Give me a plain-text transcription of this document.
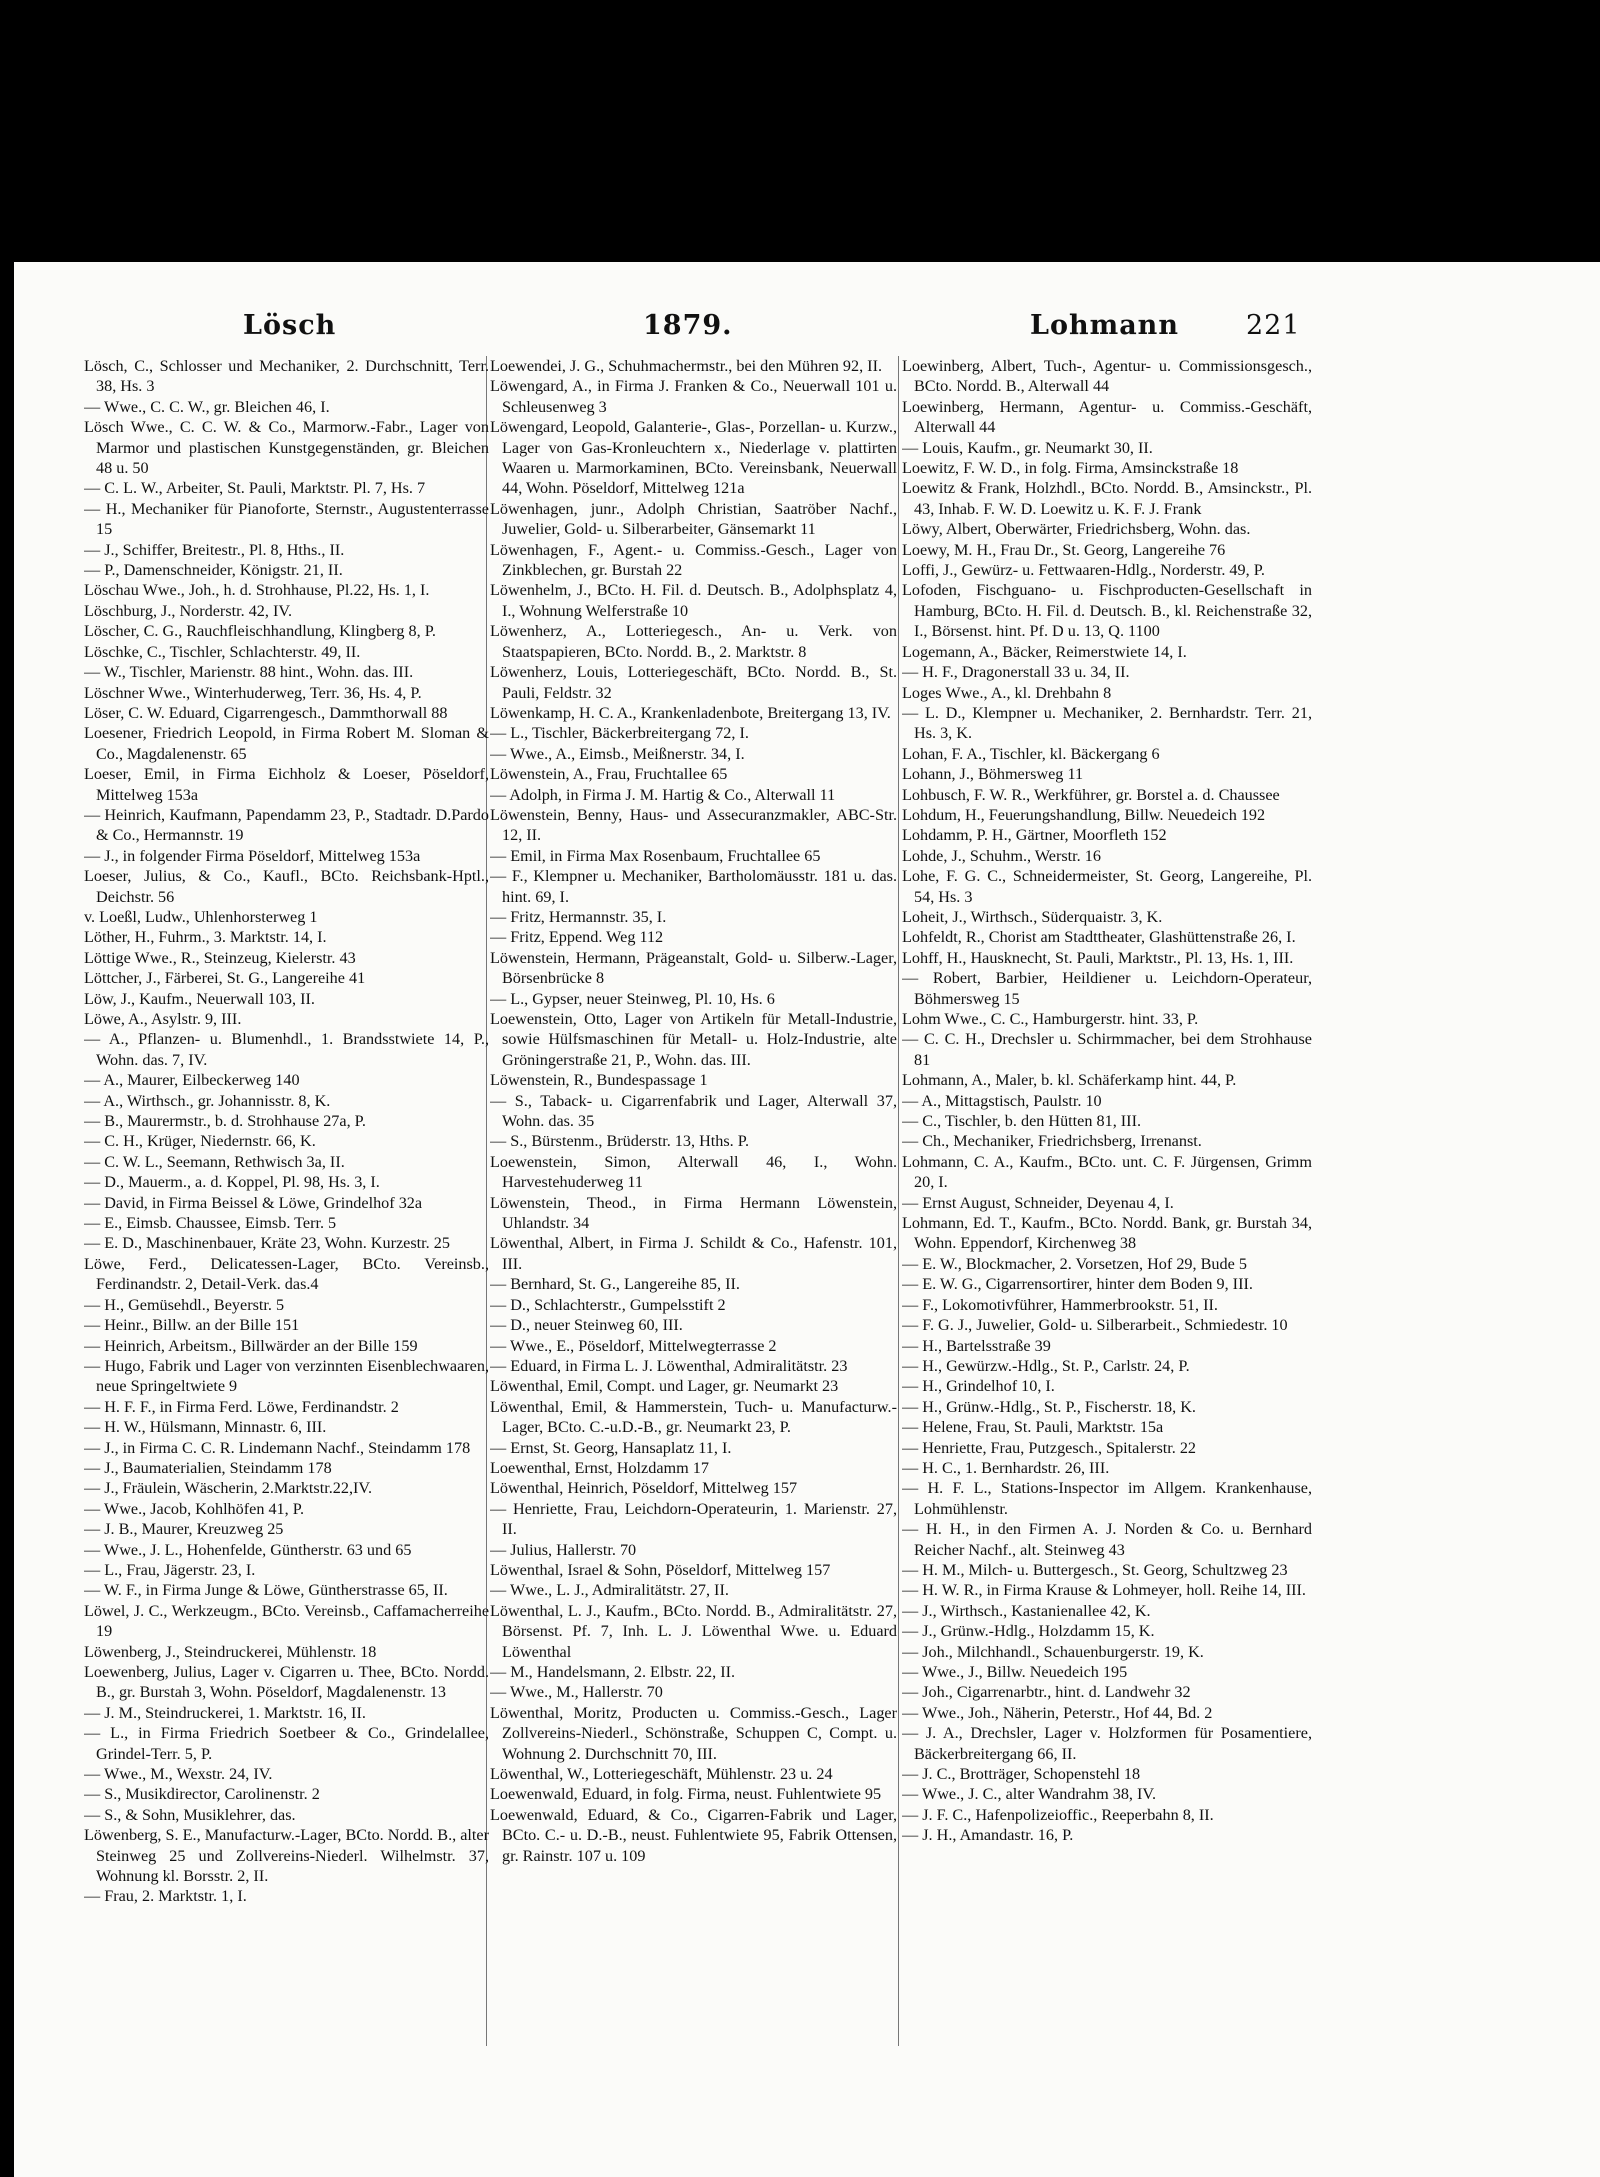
Lösch	1879.	Lohmann 221

Lösch, C., Schlosser und Mechaniker, 2. Durchschnitt, Terr. 38, Hs. 3

— Wwe., C. C. W., gr. Bleichen 46, I.

Lösch Wwe., C. C. W. & Co., Marmorw.-Fabr., Lager von Marmor und plastischen Kunstgegenständen, gr. Bleichen 48 u. 50

— C. L. W., Arbeiter, St. Pauli, Marktstr. Pl. 7, Hs. 7

— H., Mechaniker für Pianoforte, Sternstr., Augustenterrasse 15

— J., Schiffer, Breitestr., Pl. 8, Hths., II.

— P., Damenschneider, Königstr. 21, II.

Löschau Wwe., Joh., h. d. Strohhause, Pl.22, Hs. 1, I.

Löschburg, J., Norderstr. 42, IV.

Löscher, C. G., Rauchfleischhandlung, Klingberg 8, P.

Löschke, C., Tischler, Schlachterstr. 49, II.

— W., Tischler, Marienstr. 88 hint., Wohn. das. III.

Löschner Wwe., Winterhuderweg, Terr. 36, Hs. 4, P.

Löser, C. W. Eduard, Cigarrengesch., Dammthorwall 88

Loesener, Friedrich Leopold, in Firma Robert M. Sloman & Co., Magdalenenstr. 65

Loeser, Emil, in Firma Eichholz & Loeser, Pöseldorf, Mittelweg 153a

— Heinrich, Kaufmann, Papendamm 23, P., Stadtadr. D.Pardo & Co., Hermannstr. 19

— J., in folgender Firma Pöseldorf, Mittelweg 153a

Loeser, Julius, & Co., Kaufl., BCto. Reichsbank-Hptl., Deichstr. 56

v. Loeßl, Ludw., Uhlenhorsterweg 1

Löther, H., Fuhrm., 3. Marktstr. 14, I.

Löttige Wwe., R., Steinzeug, Kielerstr. 43

Löttcher, J., Färberei, St. G., Langereihe 41

Löw, J., Kaufm., Neuerwall 103, II.

Löwe, A., Asylstr. 9, III.

— A., Pflanzen- u. Blumenhdl., 1. Brandsstwiete 14, P., Wohn. das. 7, IV.

— A., Maurer, Eilbeckerweg 140

— A., Wirthsch., gr. Johannisstr. 8, K.

— B., Maurermstr., b. d. Strohhause 27a, P.

— C. H., Krüger, Niedernstr. 66, K.

— C. W. L., Seemann, Rethwisch 3a, II.

— D., Mauerm., a. d. Koppel, Pl. 98, Hs. 3, I.

— David, in Firma Beissel & Löwe, Grindelhof 32a

— E., Eimsb. Chaussee, Eimsb. Terr. 5

— E. D., Maschinenbauer, Kräte 23, Wohn. Kurzestr. 25

Löwe, Ferd., Delicatessen-Lager, BCto. Vereinsb., Ferdinandstr. 2, Detail-Verk. das.4

— H., Gemüsehdl., Beyerstr. 5

— Heinr., Billw. an der Bille 151

— Heinrich, Arbeitsm., Billwärder an der Bille 159

— Hugo, Fabrik und Lager von verzinnten Eisenblechwaaren, neue Springeltwiete 9

— H. F. F., in Firma Ferd. Löwe, Ferdinandstr. 2

— H. W., Hülsmann, Minnastr. 6, III.

— J., in Firma C. C. R. Lindemann Nachf., Steindamm 178

— J., Baumaterialien, Steindamm 178

— J., Fräulein, Wäscherin, 2.Marktstr.22,IV.

— Wwe., Jacob, Kohlhöfen 41, P.

— J. B., Maurer, Kreuzweg 25

— Wwe., J. L., Hohenfelde, Güntherstr. 63 und 65

— L., Frau, Jägerstr. 23, I.

— W. F., in Firma Junge & Löwe, Güntherstrasse 65, II.

Löwel, J. C., Werkzeugm., BCto. Vereinsb., Caffamacherreihe 19

Löwenberg, J., Steindruckerei, Mühlenstr. 18

Loewenberg, Julius, Lager v. Cigarren u. Thee, BCto. Nordd. B., gr. Burstah 3, Wohn. Pöseldorf, Magdalenenstr. 13

— J. M., Steindruckerei, 1. Marktstr. 16, II.

— L., in Firma Friedrich Soetbeer & Co., Grindelallee, Grindel-Terr. 5, P.

— Wwe., M., Wexstr. 24, IV.

— S., Musikdirector, Carolinenstr. 2

— S., & Sohn, Musiklehrer, das.

Löwenberg, S. E., Manufacturw.-Lager, BCto. Nordd. B., alter Steinweg 25 und Zollvereins-Niederl. Wilhelmstr. 37, Wohnung kl. Borsstr. 2, II.

— Frau, 2. Marktstr. 1, I.

Loewendei, J. G., Schuhmachermstr., bei den Mühren 92, II.

Löwengard, A., in Firma J. Franken & Co., Neuerwall 101 u. Schleusenweg 3

Löwengard, Leopold, Galanterie-, Glas-, Porzellan- u. Kurzw., Lager von Gas-Kronleuchtern x., Niederlage v. plattirten Waaren u. Marmorkaminen, BCto. Vereinsbank, Neuerwall 44, Wohn. Pöseldorf, Mittelweg 121a

Löwenhagen, junr., Adolph Christian, Saatröber Nachf., Juwelier, Gold- u. Silberarbeiter, Gänsemarkt 11

Löwenhagen, F., Agent.- u. Commiss.-Gesch., Lager von Zinkblechen, gr. Burstah 22

Löwenhelm, J., BCto. H. Fil. d. Deutsch. B., Adolphsplatz 4, I., Wohnung Welferstraße 10

Löwenherz, A., Lotteriegesch., An- u. Verk. von Staatspapieren, BCto. Nordd. B., 2. Marktstr. 8

Löwenherz, Louis, Lotteriegeschäft, BCto. Nordd. B., St. Pauli, Feldstr. 32

Löwenkamp, H. C. A., Krankenladenbote, Breitergang 13, IV.

— L., Tischler, Bäckerbreitergang 72, I.

— Wwe., A., Eimsb., Meißnerstr. 34, I.

Löwenstein, A., Frau, Fruchtallee 65

— Adolph, in Firma J. M. Hartig & Co., Alterwall 11

Löwenstein, Benny, Haus- und Assecuranzmakler, ABC-Str. 12, II.

— Emil, in Firma Max Rosenbaum, Fruchtallee 65

— F., Klempner u. Mechaniker, Bartholomäusstr. 181 u. das. hint. 69, I.

— Fritz, Hermannstr. 35, I.

— Fritz, Eppend. Weg 112

Löwenstein, Hermann, Prägeanstalt, Gold- u. Silberw.-Lager, Börsenbrücke 8

— L., Gypser, neuer Steinweg, Pl. 10, Hs. 6

Loewenstein, Otto, Lager von Artikeln für Metall-Industrie, sowie Hülfsmaschinen für Metall- u. Holz-Industrie, alte Gröningerstraße 21, P., Wohn. das. III.

Löwenstein, R., Bundespassage 1

— S., Taback- u. Cigarrenfabrik und Lager, Alterwall 37, Wohn. das. 35

— S., Bürstenm., Brüderstr. 13, Hths. P.

Loewenstein, Simon, Alterwall 46, I., Wohn. Harvestehuderweg 11

Löwenstein, Theod., in Firma Hermann Löwenstein, Uhlandstr. 34

Löwenthal, Albert, in Firma J. Schildt & Co., Hafenstr. 101, III.

— Bernhard, St. G., Langereihe 85, II.

— D., Schlachterstr., Gumpelsstift 2

— D., neuer Steinweg 60, III.

— Wwe., E., Pöseldorf, Mittelwegterrasse 2

— Eduard, in Firma L. J. Löwenthal, Admiralitätstr. 23

Löwenthal, Emil, Compt. und Lager, gr. Neumarkt 23

Löwenthal, Emil, & Hammerstein, Tuch- u. Manufacturw.-Lager, BCto. C.-u.D.-B., gr. Neumarkt 23, P.

— Ernst, St. Georg, Hansaplatz 11, I.

Loewenthal, Ernst, Holzdamm 17

Löwenthal, Heinrich, Pöseldorf, Mittelweg 157

— Henriette, Frau, Leichdorn-Operateurin, 1. Marienstr. 27, II.

— Julius, Hallerstr. 70

Löwenthal, Israel & Sohn, Pöseldorf, Mittelweg 157

— Wwe., L. J., Admiralitätstr. 27, II.

Löwenthal, L. J., Kaufm., BCto. Nordd. B., Admiralitätstr. 27, Börsenst. Pf. 7, Inh. L. J. Löwenthal Wwe. u. Eduard Löwenthal

— M., Handelsmann, 2. Elbstr. 22, II.

— Wwe., M., Hallerstr. 70

Löwenthal, Moritz, Producten u. Commiss.-Gesch., Lager Zollvereins-Niederl., Schönstraße, Schuppen C, Compt. u. Wohnung 2. Durchschnitt 70, III.

Löwenthal, W., Lotteriegeschäft, Mühlenstr. 23 u. 24

Loewenwald, Eduard, in folg. Firma, neust. Fuhlentwiete 95

Loewenwald, Eduard, & Co., Cigarren-Fabrik und Lager, BCto. C.- u. D.-B., neust. Fuhlentwiete 95, Fabrik Ottensen, gr. Rainstr. 107 u. 109

Loewinberg, Albert, Tuch-, Agentur- u. Commissionsgesch., BCto. Nordd. B., Alterwall 44

Loewinberg, Hermann, Agentur- u. Commiss.-Geschäft, Alterwall 44

— Louis, Kaufm., gr. Neumarkt 30, II.

Loewitz, F. W. D., in folg. Firma, Amsinckstraße 18

Loewitz & Frank, Holzhdl., BCto. Nordd. B., Amsinckstr., Pl. 43, Inhab. F. W. D. Loewitz u. K. F. J. Frank

Löwy, Albert, Oberwärter, Friedrichsberg, Wohn. das.

Loewy, M. H., Frau Dr., St. Georg, Langereihe 76

Loffi, J., Gewürz- u. Fettwaaren-Hdlg., Norderstr. 49, P.

Lofoden, Fischguano- u. Fischproducten-Gesellschaft in Hamburg, BCto. H. Fil. d. Deutsch. B., kl. Reichenstraße 32, I., Börsenst. hint. Pf. D u. 13, Q. 1100

Logemann, A., Bäcker, Reimerstwiete 14, I.

— H. F., Dragonerstall 33 u. 34, II.

Loges Wwe., A., kl. Drehbahn 8

— L. D., Klempner u. Mechaniker, 2. Bernhardstr. Terr. 21, Hs. 3, K.

Lohan, F. A., Tischler, kl. Bäckergang 6

Lohann, J., Böhmersweg 11

Lohbusch, F. W. R., Werkführer, gr. Borstel a. d. Chaussee

Lohdum, H., Feuerungshandlung, Billw. Neuedeich 192

Lohdamm, P. H., Gärtner, Moorfleth 152

Lohde, J., Schuhm., Werstr. 16

Lohe, F. G. C., Schneidermeister, St. Georg, Langereihe, Pl. 54, Hs. 3

Loheit, J., Wirthsch., Süderquaistr. 3, K.

Lohfeldt, R., Chorist am Stadttheater, Glashüttenstraße 26, I.

Lohff, H., Hausknecht, St. Pauli, Marktstr., Pl. 13, Hs. 1, III.

— Robert, Barbier, Heildiener u. Leichdorn-Operateur, Böhmersweg 15

Lohm Wwe., C. C., Hamburgerstr. hint. 33, P.

— C. C. H., Drechsler u. Schirmmacher, bei dem Strohhause 81

Lohmann, A., Maler, b. kl. Schäferkamp hint. 44, P.

— A., Mittagstisch, Paulstr. 10

— C., Tischler, b. den Hütten 81, III.

— Ch., Mechaniker, Friedrichsberg, Irrenanst.

Lohmann, C. A., Kaufm., BCto. unt. C. F. Jürgensen, Grimm 20, I.

— Ernst August, Schneider, Deyenau 4, I.

Lohmann, Ed. T., Kaufm., BCto. Nordd. Bank, gr. Burstah 34, Wohn. Eppendorf, Kirchenweg 38

— E. W., Blockmacher, 2. Vorsetzen, Hof 29, Bude 5

— E. W. G., Cigarrensortirer, hinter dem Boden 9, III.

— F., Lokomotivführer, Hammerbrookstr. 51, II.

— F. G. J., Juwelier, Gold- u. Silberarbeit., Schmiedestr. 10

— H., Bartelsstraße 39

— H., Gewürzw.-Hdlg., St. P., Carlstr. 24, P.

— H., Grindelhof 10, I.

— H., Grünw.-Hdlg., St. P., Fischerstr. 18, K.

— Helene, Frau, St. Pauli, Marktstr. 15a

— Henriette, Frau, Putzgesch., Spitalerstr. 22

— H. C., 1. Bernhardstr. 26, III.

— H. F. L., Stations-Inspector im Allgem. Krankenhause, Lohmühlenstr.

— H. H., in den Firmen A. J. Norden & Co. u. Bernhard Reicher Nachf., alt. Steinweg 43

— H. M., Milch- u. Buttergesch., St. Georg, Schultzweg 23

— H. W. R., in Firma Krause & Lohmeyer, holl. Reihe 14, III.

— J., Wirthsch., Kastanienallee 42, K.

— J., Grünw.-Hdlg., Holzdamm 15, K.

— Joh., Milchhandl., Schauenburgerstr. 19, K.

— Wwe., J., Billw. Neuedeich 195

— Joh., Cigarrenarbtr., hint. d. Landwehr 32

— Wwe., Joh., Näherin, Peterstr., Hof 44, Bd. 2

— J. A., Drechsler, Lager v. Holzformen für Posamentiere, Bäckerbreitergang 66, II.

— J. C., Brotträger, Schopenstehl 18

— Wwe., J. C., alter Wandrahm 38, IV.

— J. F. C., Hafenpolizeioffic., Reeperbahn 8, II.

— J. H., Amandastr. 16, P.
